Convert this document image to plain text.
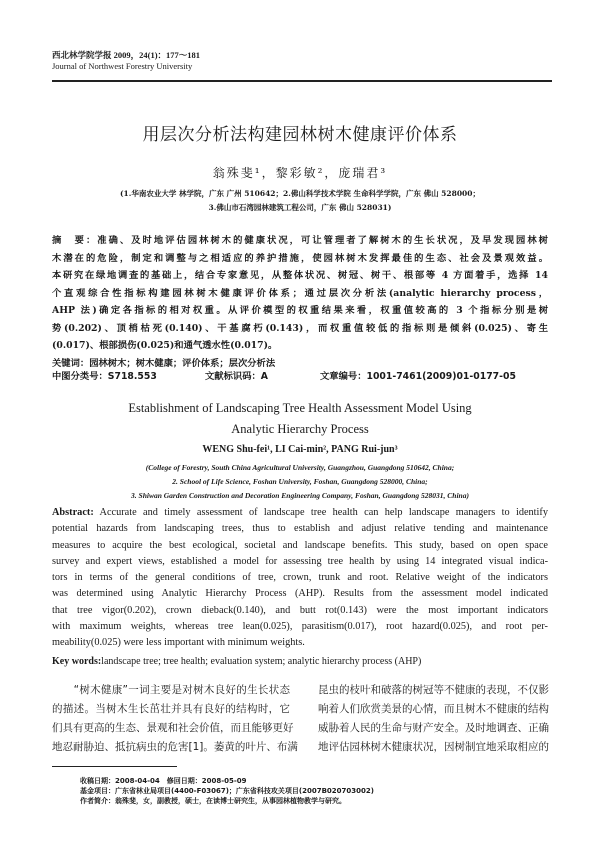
西北林学院学报 2009，24(1)：177～181
Journal of Northwest Forestry University
用层次分析法构建园林树木健康评价体系
翁殊斐¹，黎彩敏²，庞瑞君³
(1.华南农业大学 林学院，广东 广州 510642；2.佛山科学技术学院 生命科学学院，广东 佛山 528000；
3.佛山市石湾园林建筑工程公司，广东 佛山 528031)
摘　要：准确、及时地评估园林树木的健康状况，可让管理者了解树木的生长状况，及早发现园林树
木潜在的危险，制定和调整与之相适应的养护措施，使园林树木发挥最佳的生态、社会及景观效益。
本研究在绿地调查的基础上，结合专家意见，从整体状况、树冠、树干、根部等 4 方面着手，选择 14
个直观综合性指标构建园林树木健康评价体系；通过层次分析法(analytic hierarchy process，
AHP 法)确定各指标的相对权重。从评价模型的权重结果来看，权重值较高的 3 个指标分别是树
势(0.202)、顶梢枯死(0.140)、干基腐朽(0.143)，而权重值较低的指标则是倾斜(0.025)、寄生
(0.017)、根部损伤(0.025)和通气透水性(0.017)。
关键词：园林树木；树木健康；评价体系；层次分析法
中图分类号：S718.553	文献标识码：A	文章编号：1001-7461(2009)01-0177-05
Establishment of Landscaping Tree Health Assessment Model Using
Analytic Hierarchy Process
WENG Shu-fei¹, LI Cai-min², PANG Rui-jun³
(College of Forestry, South China Agricultural University, Guangzhou, Guangdong 510642, China;
2. School of Life Science, Foshan University, Foshan, Guangdong 528000, China;
3. Shiwan Garden Construction and Decoration Engineering Company, Foshan, Guangdong 528031, China)
Abstract: Accurate and timely assessment of landscape tree health can help landscape managers to identify
potential hazards from landscaping trees, thus to establish and adjust relative tending and maintenance
measures to acquire the best ecological, societal and landscape benefits. This study, based on open space
survey and expert views, established a model for assessing tree health by using 14 integrated visual indica-
tors in terms of the general conditions of tree, crown, trunk and root. Relative weight of the indicators
was determined using Analytic Hierarchy Process (AHP). Results from the assessment model indicated
that tree vigor(0.202), crown dieback(0.140), and butt rot(0.143) were the most important indicators
with maximum weights, whereas tree lean(0.025), parasitism(0.017), root hazard(0.025), and root per-
meability(0.025) were less important with minimum weights.
Key words:landscape tree; tree health; evaluation system; analytic hierarchy process (AHP)
　　“树木健康”一词主要是对树木良好的生长状态
的描述。当树木生长茁壮并具有良好的结构时，它
们具有更高的生态、景观和社会价值，而且能够更好
地忍耐胁迫、抵抗病虫的危害[1]。萎黄的叶片、布满
昆虫的枝叶和破落的树冠等不健康的表现，不仅影
响着人们欣赏美景的心情，而且树木不健康的结构
威胁着人民的生命与财产安全。及时地调查、正确
地评估园林树木健康状况，因树制宜地采取相应的
收稿日期：2008-04-04　修回日期：2008-05-09
基金项目：广东省林业局项目(4400-F03067)；广东省科技攻关项目(2007B020703002)
作者简介：翁殊斐，女，副教授，硕士，在读博士研究生，从事园林植物教学与研究。
